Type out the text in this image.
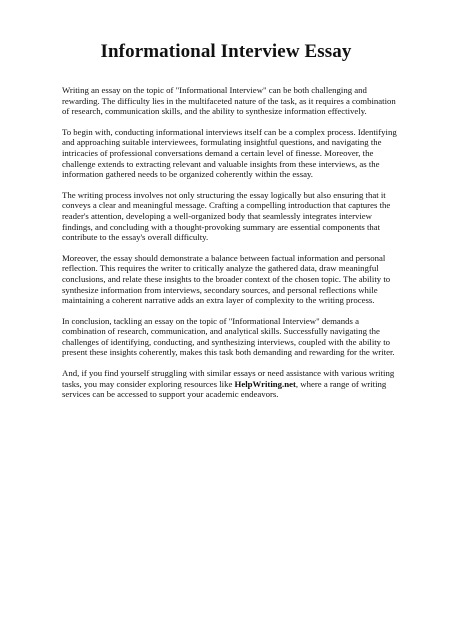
Informational Interview Essay

Writing an essay on the topic of "Informational Interview" can be both challenging and rewarding. The difficulty lies in the multifaceted nature of the task, as it requires a combination of research, communication skills, and the ability to synthesize information effectively.

To begin with, conducting informational interviews itself can be a complex process. Identifying and approaching suitable interviewees, formulating insightful questions, and navigating the intricacies of professional conversations demand a certain level of finesse. Moreover, the challenge extends to extracting relevant and valuable insights from these interviews, as the information gathered needs to be organized coherently within the essay.

The writing process involves not only structuring the essay logically but also ensuring that it conveys a clear and meaningful message. Crafting a compelling introduction that captures the reader's attention, developing a well-organized body that seamlessly integrates interview findings, and concluding with a thought-provoking summary are essential components that contribute to the essay's overall difficulty.

Moreover, the essay should demonstrate a balance between factual information and personal reflection. This requires the writer to critically analyze the gathered data, draw meaningful conclusions, and relate these insights to the broader context of the chosen topic. The ability to synthesize information from interviews, secondary sources, and personal reflections while maintaining a coherent narrative adds an extra layer of complexity to the writing process.

In conclusion, tackling an essay on the topic of "Informational Interview" demands a combination of research, communication, and analytical skills. Successfully navigating the challenges of identifying, conducting, and synthesizing interviews, coupled with the ability to present these insights coherently, makes this task both demanding and rewarding for the writer.

And, if you find yourself struggling with similar essays or need assistance with various writing tasks, you may consider exploring resources like HelpWriting.net, where a range of writing services can be accessed to support your academic endeavors.
